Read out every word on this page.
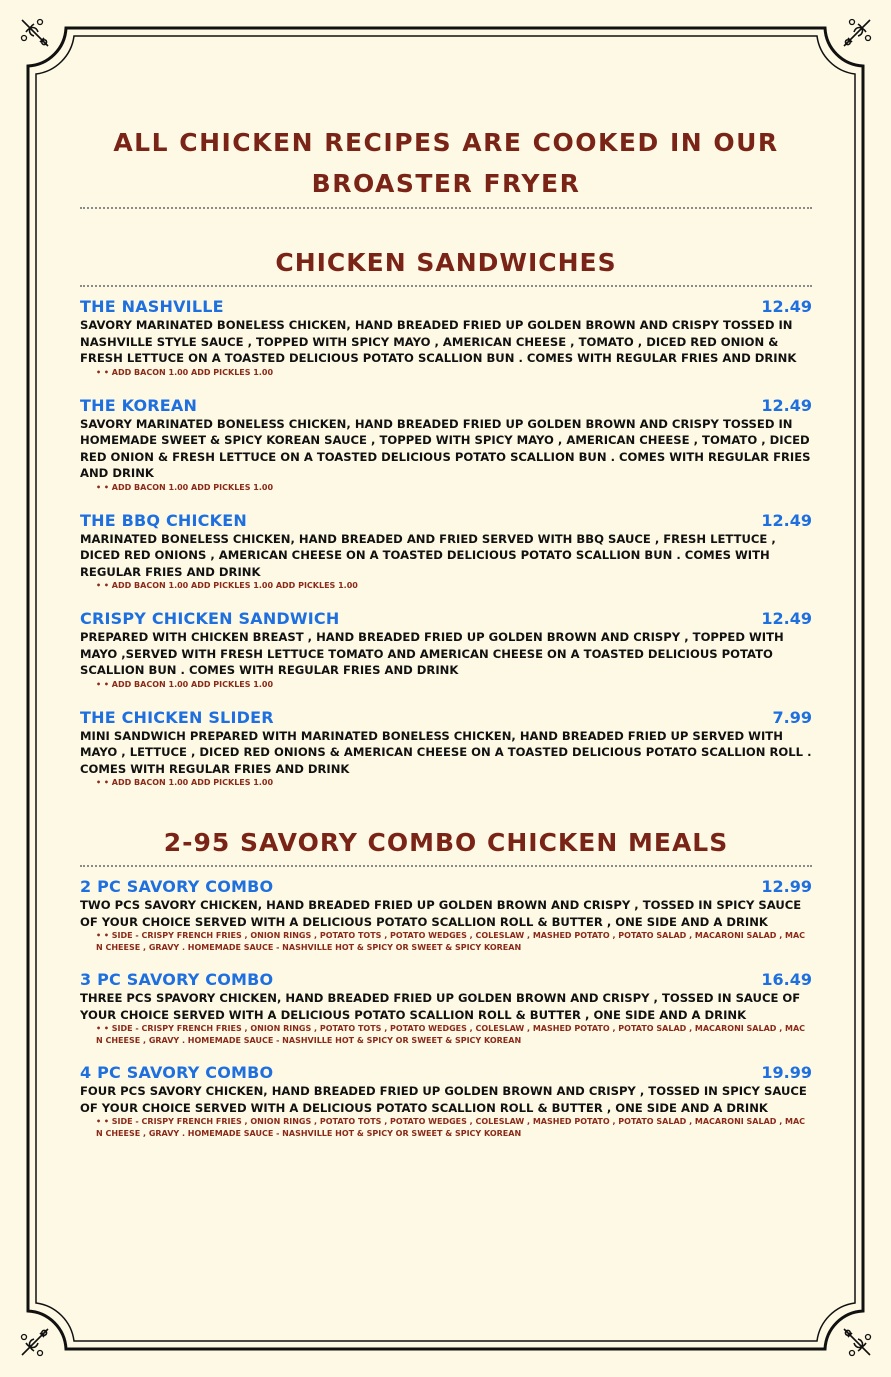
ALL CHICKEN RECIPES ARE COOKED IN OUR
BROASTER FRYER
CHICKEN SANDWICHES
THE NASHVILLE	12.49
SAVORY MARINATED BONELESS CHICKEN, HAND BREADED FRIED UP GOLDEN BROWN AND CRISPY TOSSED IN NASHVILLE STYLE SAUCE , TOPPED WITH SPICY MAYO , AMERICAN CHEESE , TOMATO , DICED RED ONION & FRESH LETTUCE ON A TOASTED DELICIOUS POTATO SCALLION BUN . COMES WITH REGULAR FRIES AND DRINK
• • ADD BACON 1.00 ADD PICKLES 1.00
THE KOREAN	12.49
SAVORY MARINATED BONELESS CHICKEN, HAND BREADED FRIED UP GOLDEN BROWN AND CRISPY TOSSED IN HOMEMADE SWEET & SPICY KOREAN SAUCE , TOPPED WITH SPICY MAYO , AMERICAN CHEESE , TOMATO , DICED RED ONION & FRESH LETTUCE ON A TOASTED DELICIOUS POTATO SCALLION BUN . COMES WITH REGULAR FRIES AND DRINK
• • ADD BACON 1.00 ADD PICKLES 1.00
THE BBQ CHICKEN	12.49
MARINATED BONELESS CHICKEN, HAND BREADED AND FRIED SERVED WITH BBQ SAUCE , FRESH LETTUCE , DICED RED ONIONS , AMERICAN CHEESE ON A TOASTED DELICIOUS POTATO SCALLION BUN . COMES WITH REGULAR FRIES AND DRINK
• • ADD BACON 1.00 ADD PICKLES 1.00 ADD PICKLES 1.00
CRISPY CHICKEN SANDWICH	12.49
PREPARED WITH CHICKEN BREAST , HAND BREADED FRIED UP GOLDEN BROWN AND CRISPY , TOPPED WITH MAYO ,SERVED WITH FRESH LETTUCE TOMATO AND AMERICAN CHEESE ON A TOASTED DELICIOUS POTATO SCALLION BUN . COMES WITH REGULAR FRIES AND DRINK
• • ADD BACON 1.00 ADD PICKLES 1.00
THE CHICKEN SLIDER	7.99
MINI SANDWICH PREPARED WITH MARINATED BONELESS CHICKEN, HAND BREADED FRIED UP SERVED WITH MAYO , LETTUCE , DICED RED ONIONS & AMERICAN CHEESE ON A TOASTED DELICIOUS POTATO SCALLION ROLL . COMES WITH REGULAR FRIES AND DRINK
• • ADD BACON 1.00 ADD PICKLES 1.00
2-95 SAVORY COMBO CHICKEN MEALS
2 PC SAVORY COMBO	12.99
TWO PCS SAVORY CHICKEN, HAND BREADED FRIED UP GOLDEN BROWN AND CRISPY , TOSSED IN SPICY SAUCE OF YOUR CHOICE SERVED WITH A DELICIOUS POTATO SCALLION ROLL & BUTTER , ONE SIDE AND A DRINK
• • SIDE - CRISPY FRENCH FRIES , ONION RINGS , POTATO TOTS , POTATO WEDGES , COLESLAW , MASHED POTATO , POTATO SALAD , MACARONI SALAD , MAC N CHEESE , GRAVY . HOMEMADE SAUCE - NASHVILLE HOT & SPICY OR SWEET & SPICY KOREAN
3 PC SAVORY COMBO	16.49
THREE PCS SPAVORY CHICKEN, HAND BREADED FRIED UP GOLDEN BROWN AND CRISPY , TOSSED IN SAUCE OF YOUR CHOICE SERVED WITH A DELICIOUS POTATO SCALLION ROLL & BUTTER , ONE SIDE AND A DRINK
• • SIDE - CRISPY FRENCH FRIES , ONION RINGS , POTATO TOTS , POTATO WEDGES , COLESLAW , MASHED POTATO , POTATO SALAD , MACARONI SALAD , MAC N CHEESE , GRAVY . HOMEMADE SAUCE - NASHVILLE HOT & SPICY OR SWEET & SPICY KOREAN
4 PC SAVORY COMBO	19.99
FOUR PCS SAVORY CHICKEN, HAND BREADED FRIED UP GOLDEN BROWN AND CRISPY , TOSSED IN SPICY SAUCE OF YOUR CHOICE SERVED WITH A DELICIOUS POTATO SCALLION ROLL & BUTTER , ONE SIDE AND A DRINK
• • SIDE - CRISPY FRENCH FRIES , ONION RINGS , POTATO TOTS , POTATO WEDGES , COLESLAW , MASHED POTATO , POTATO SALAD , MACARONI SALAD , MAC N CHEESE , GRAVY . HOMEMADE SAUCE - NASHVILLE HOT & SPICY OR SWEET & SPICY KOREAN
